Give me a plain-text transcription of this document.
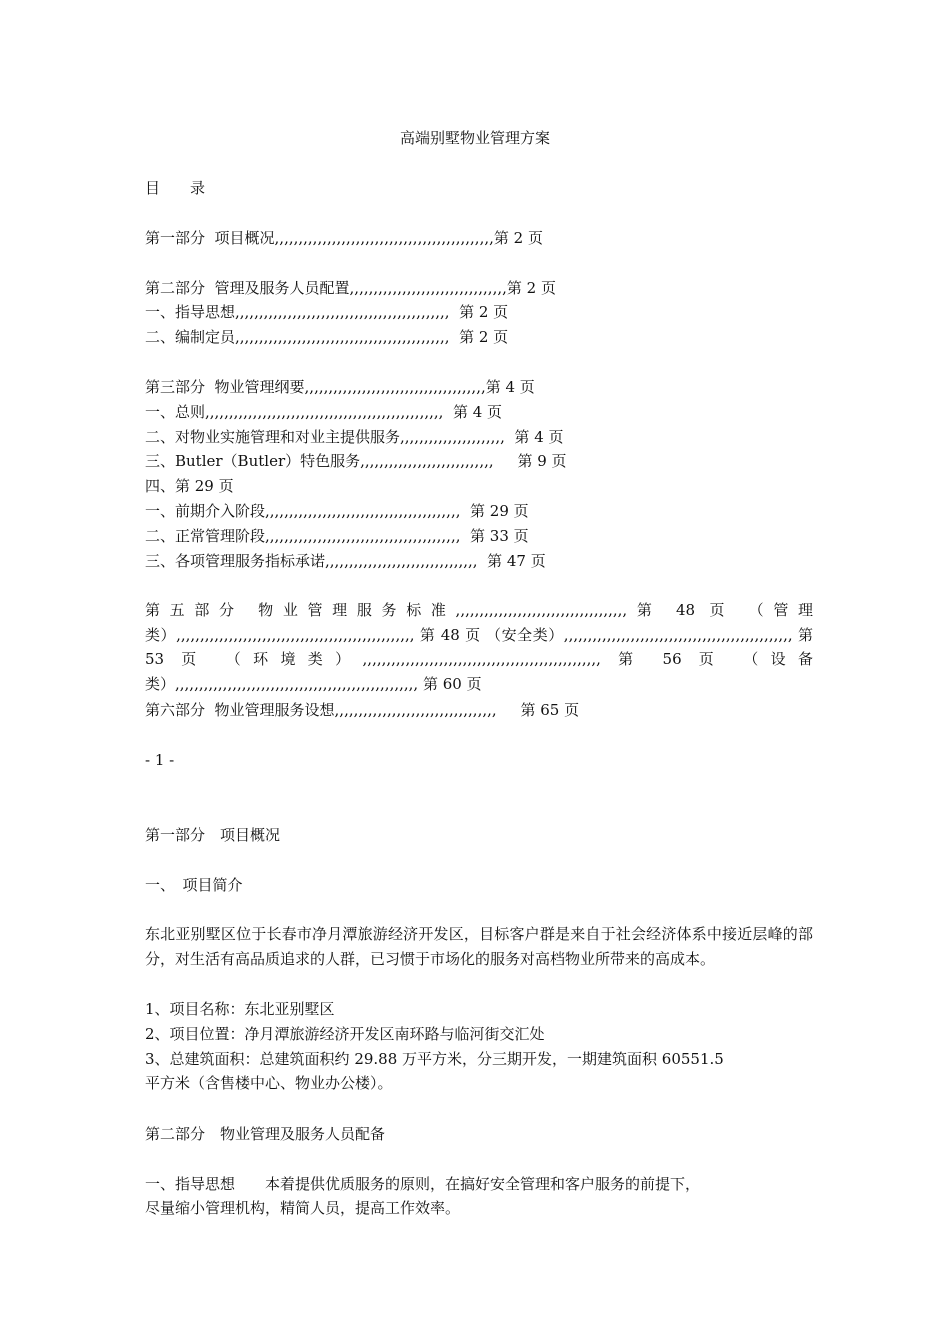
高端别墅物业管理方案
目　　录
第一部分  项目概况,,,,,,,,,,,,,,,,,,,,,,,,,,,,,,,,,,,,,,,,,,,,,,第 2 页
第二部分  管理及服务人员配置,,,,,,,,,,,,,,,,,,,,,,,,,,,,,,,,,第 2 页
一、指导思想,,,,,,,,,,,,,,,,,,,,,,,,,,,,,,,,,,,,,,,,,,,,,  第 2 页
二、编制定员,,,,,,,,,,,,,,,,,,,,,,,,,,,,,,,,,,,,,,,,,,,,,  第 2 页
第三部分  物业管理纲要,,,,,,,,,,,,,,,,,,,,,,,,,,,,,,,,,,,,,,第 4 页
一、总则,,,,,,,,,,,,,,,,,,,,,,,,,,,,,,,,,,,,,,,,,,,,,,,,,,  第 4 页
二、对物业实施管理和对业主提供服务,,,,,,,,,,,,,,,,,,,,,,  第 4 页
三、Butler（Butler）特色服务,,,,,,,,,,,,,,,,,,,,,,,,,,,,     第 9 页
四、第 29 页
一、前期介入阶段,,,,,,,,,,,,,,,,,,,,,,,,,,,,,,,,,,,,,,,,,  第 29 页
二、正常管理阶段,,,,,,,,,,,,,,,,,,,,,,,,,,,,,,,,,,,,,,,,,  第 33 页
三、各项管理服务指标承诺,,,,,,,,,,,,,,,,,,,,,,,,,,,,,,,,  第 47 页
第五部分 物业管理服务标准,,,,,,,,,,,,,,,,,,,,,,,,,,,,,,,,,,,,第 48 页 （管理类）,,,,,,,,,,,,,,,,,,,,,,,,,,,,,,,,,,,,,,,,,,,,,,,,,, 第 48 页 （安全类）,,,,,,,,,,,,,,,,,,,,,,,,,,,,,,,,,,,,,,,,,,,,,,,, 第 53 页 （环境类）,,,,,,,,,,,,,,,,,,,,,,,,,,,,,,,,,,,,,,,,,,,,,,,,,, 第 56 页 （设备类）,,,,,,,,,,,,,,,,,,,,,,,,,,,,,,,,,,,,,,,,,,,,,,,,,,, 第 60 页
第六部分  物业管理服务设想,,,,,,,,,,,,,,,,,,,,,,,,,,,,,,,,,,     第 65 页
- 1 -
第一部分　项目概况
一、　项目简介
东北亚别墅区位于长春市净月潭旅游经济开发区，目标客户群是来自于社会经济体系中接近层峰的部分，对生活有高品质追求的人群，已习惯于市场化的服务对高档物业所带来的高成本。
1、项目名称：东北亚别墅区
2、项目位置：净月潭旅游经济开发区南环路与临河街交汇处
3、总建筑面积：总建筑面积约 29.88 万平方米，分三期开发，一期建筑面积 60551.5
平方米（含售楼中心、物业办公楼）。
第二部分　物业管理及服务人员配备
一、指导思想　　本着提供优质服务的原则，在搞好安全管理和客户服务的前提下，
尽量缩小管理机构，精简人员，提高工作效率。
